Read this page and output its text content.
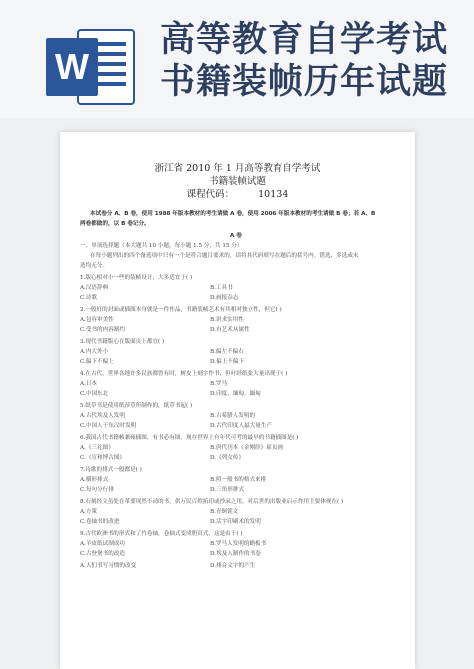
W
高等教育自学考试
书籍装帧历年试题
浙江省 2010 年 1 月高等教育自学考试
书籍装帧试题
课程代码：	10134
本试卷分 A、B 卷，使用 1988 年版本教材的考生请做 A 卷，使用 2006 年版本教材的考生请做 B 卷；若 A、B
两卷都做的，以 B 卷记分。
A 卷
一、单项选择题（本大题共 10 小题，每小题 1.5 分，共 15 分）
在每小题列出的四个备选项中只有一个是符合题目要求的，请将其代码填写在题后的括号内。错选、多选或未
选均无分。
1.版心相对小一些的装帧设计，大多适宜于( )
A.汉语辞典	B.工具书
C.诗歌	D.画报杂志
2.一般好的封面或插图本身就是一件作品，书籍装帧艺术有其相对独立性，但它( )
A.包容审美性	B.讲求实用性
C.受书的内容制约	D.有艺术从属性
3.现代书籍版心在版面页上都宜( )
A.内大外小	B.偏左不偏右
C.偏下不偏上	D.偏上不偏下
4.在古代，世界各地许多民族都曾有时，树皮上刻字作书，但叶经纸张大量出现于( )
A.日本	B.罗马
C.中国东北	D.印度、缅甸、缅甸
5.纸草书是使用纸莎草所制作的，纸草书起( )
A.古代埃及人发明	B.古希腊人发明的
C.中国人于东汉时发明	D.古代印度人最大量生产
6.我国古代书籍帧兼雍插图，有书必有图，现存世界上有年代可考的最早的书籍插图是( )
A.《三礼图》	B.唐代刊本《金刚经》扉页画
C.《宣和博古图》	D.《列女传》
7.诗歌的排式一般都是( )
A.横形排式	B.照一般书的格式来排
C.每句分行排	D.三角形排式
8.石刻经文虽处在革要现然不动的书，供万民百姓拓印或抄录之用，对后世的出版业启示作用主要体现在( )
A.方策	B.青铜铭文
C.卷轴书的改进	D.活字印刷术的发明
9.古代欧洲书的形式和了竹卷轴，卷轴式变成册页式，这是由于( )
A.羊皮纸试制成功	B.罗马人发明的蜡板书
C.古登堡书的改造	D.埃及人制作的书卷
A.人们书写习惯的改变	D.排音文字的产生
